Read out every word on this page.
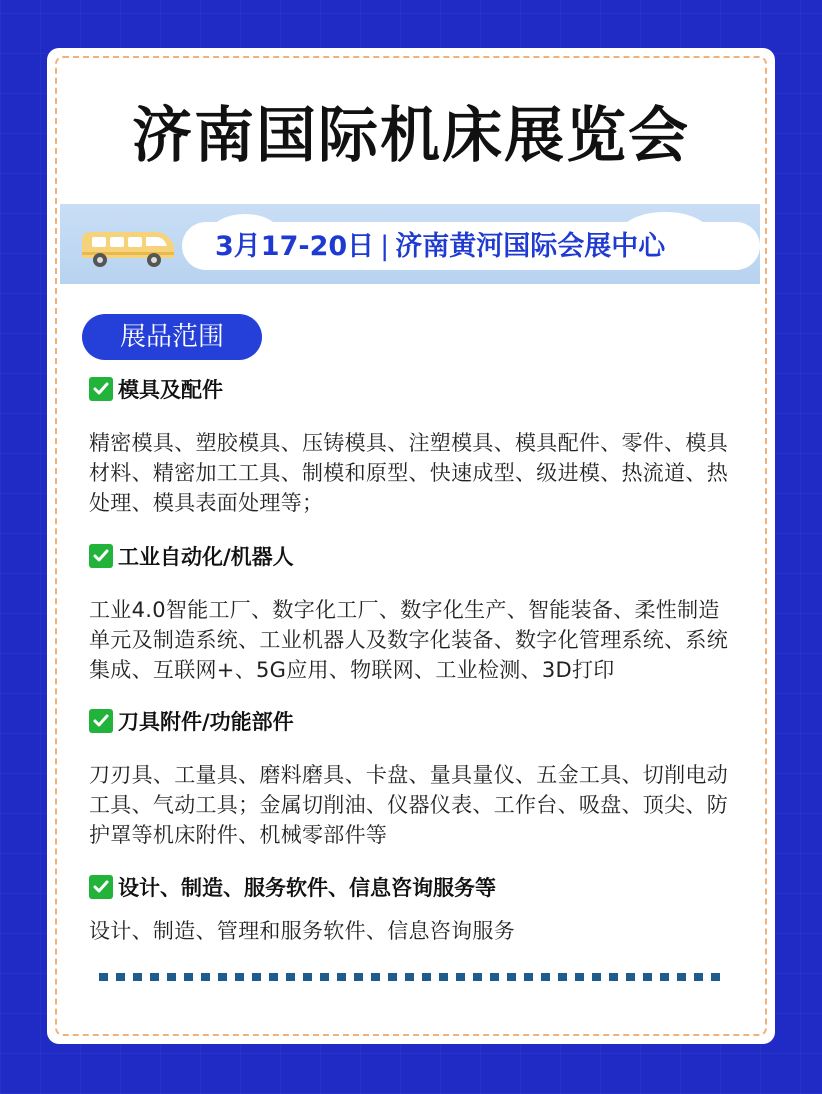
济南国际机床展览会
3月17-20日 | 济南黄河国际会展中心
展品范围
模具及配件
精密模具、塑胶模具、压铸模具、注塑模具、模具配件、零件、模具材料、精密加工工具、制模和原型、快速成型、级进模、热流道、热处理、模具表面处理等；
工业自动化/机器人
工业4.0智能工厂、数字化工厂、数字化生产、智能装备、柔性制造单元及制造系统、工业机器人及数字化装备、数字化管理系统、系统集成、互联网+、5G应用、物联网、工业检测、3D打印
刀具附件/功能部件
刀刃具、工量具、磨料磨具、卡盘、量具量仪、五金工具、切削电动工具、气动工具；金属切削油、仪器仪表、工作台、吸盘、顶尖、防护罩等机床附件、机械零部件等
设计、制造、服务软件、信息咨询服务等
设计、制造、管理和服务软件、信息咨询服务
